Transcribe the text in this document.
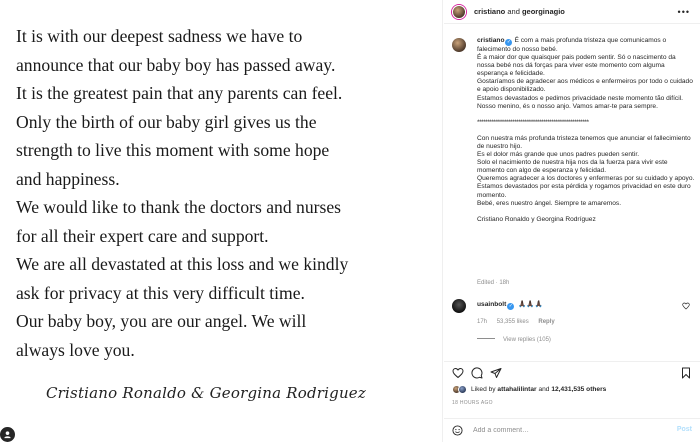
It is with our deepest sadness we have to
announce that our baby boy has passed away.
It is the greatest pain that any parents can feel.
Only the birth of our baby girl gives us the
strength to live this moment with some hope
and happiness.
We would like to thank the doctors and nurses
for all their expert care and support.
We are all devastated at this loss and we kindly
ask for privacy at this very difficult time.
Our baby boy, you are our angel. We will
always love you.
Cristiano Ronaldo & Georgina Rodriguez
cristiano and georginagio	•••

cristiano ✓ É com a mais profunda tristeza que comunicamos o falecimento do nosso bebé.

É a maior dor que quaisquer pais podem sentir. Só o nascimento da nossa bebé nos dá forças para viver este momento com alguma esperança e felicidade.

Gostaríamos de agradecer aos médicos e enfermeiros por todo o cuidado e apoio disponibilizado.

Estamos devastados e pedimos privacidade neste momento tão difícil.

Nosso menino, és o nosso anjo. Vamos amar-te para sempre.

******************************************************

Con nuestra más profunda tristeza tenemos que anunciar el fallecimiento de nuestro hijo.

Es el dolor más grande que unos padres pueden sentir.

Solo el nacimiento de nuestra hija nos da la fuerza para vivir este momento con algo de esperanza y felicidad.

Queremos agradecer a los doctores y enfermeras por su cuidado y apoyo.

Estamos devastados por esta pérdida y rogamos privacidad en este duro momento.

Bebé, eres nuestro ángel. Siempre te amaremos.

Cristiano Ronaldo y Georgina Rodríguez

Edited · 18h
usainbolt ✓ 🙏🏿🙏🏿🙏🏿
17h 53,355 likes Reply
View replies (105)
Liked by attahalilintar and 12,431,535 others
18 HOURS AGO
Add a comment…
Post
